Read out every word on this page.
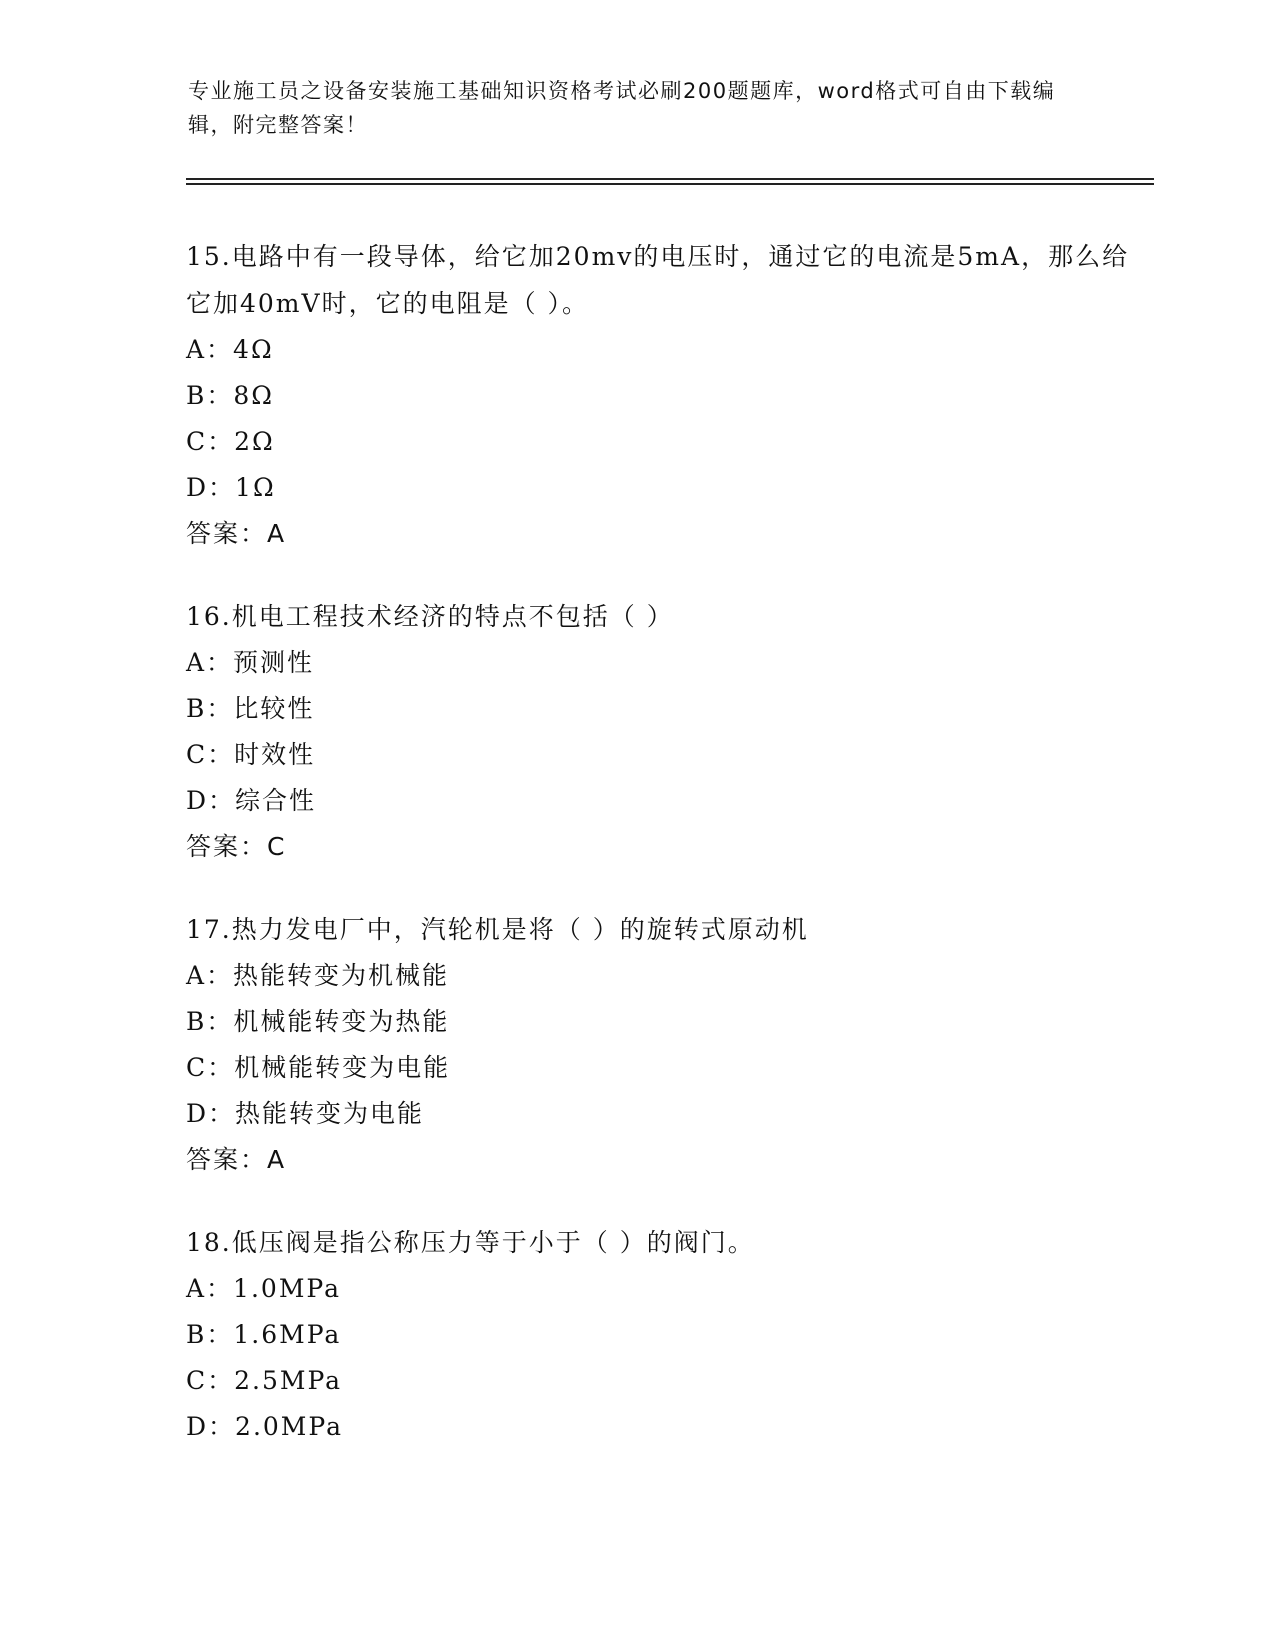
专业施工员之设备安装施工基础知识资格考试必刷200题题库，word格式可自由下载编辑，附完整答案！
15.电路中有一段导体，给它加20mv的电压时，通过它的电流是5mA，那么给它加40mV时，它的电阻是（ ）。
A：4Ω
B：8Ω
C：2Ω
D：1Ω
答案：A
16.机电工程技术经济的特点不包括（ ）
A：预测性
B：比较性
C：时效性
D：综合性
答案：C
17.热力发电厂中，汽轮机是将（ ）的旋转式原动机
A：热能转变为机械能
B：机械能转变为热能
C：机械能转变为电能
D：热能转变为电能
答案：A
18.低压阀是指公称压力等于小于（ ）的阀门。
A：1.0MPa
B：1.6MPa
C：2.5MPa
D：2.0MPa
